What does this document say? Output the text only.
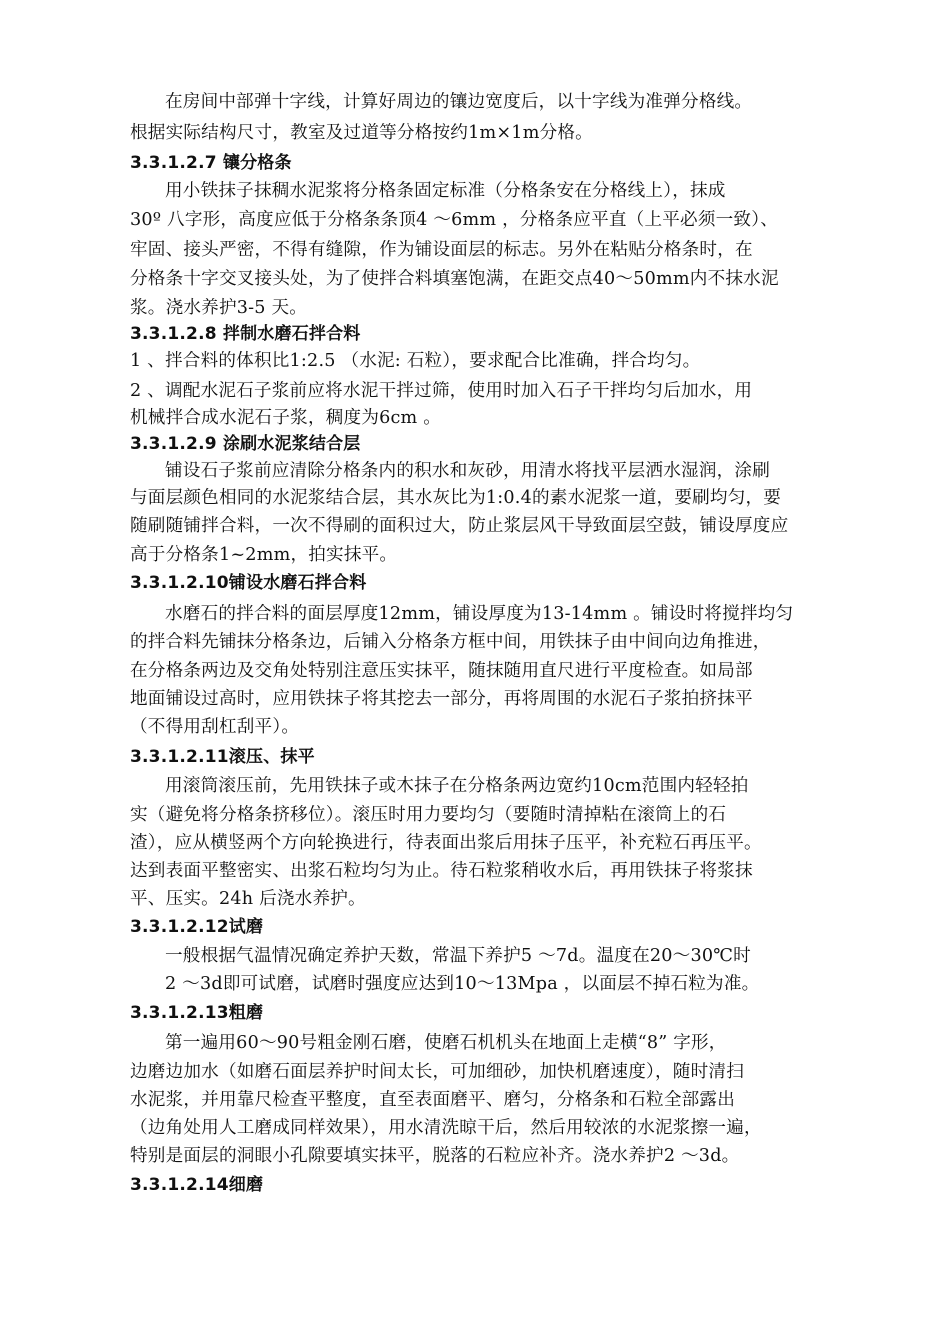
在房间中部弹十字线，计算好周边的镶边宽度后，以十字线为准弹分格线。
根据实际结构尺寸，教室及过道等分格按约1m×1m分格。
3.3.1.2.7 镶分格条
用小铁抹子抹稠水泥浆将分格条固定标准（分格条安在分格线上），抹成
30º 八字形，高度应低于分格条条顶4 ～6mm ，分格条应平直（上平必须一致）、
牢固、接头严密，不得有缝隙，作为铺设面层的标志。另外在粘贴分格条时，在
分格条十字交叉接头处，为了使拌合料填塞饱满，在距交点40～50mm内不抹水泥
浆。浇水养护3-5 天。
3.3.1.2.8 拌制水磨石拌合料
1 、拌合料的体积比1:2.5 （水泥: 石粒），要求配合比准确，拌合均匀。
2 、调配水泥石子浆前应将水泥干拌过筛，使用时加入石子干拌均匀后加水，用
机械拌合成水泥石子浆，稠度为6cm 。
3.3.1.2.9 涂刷水泥浆结合层
铺设石子浆前应清除分格条内的积水和灰砂，用清水将找平层洒水湿润，涂刷
与面层颜色相同的水泥浆结合层，其水灰比为1:0.4的素水泥浆一道，要刷均匀，要
随刷随铺拌合料，一次不得刷的面积过大，防止浆层风干导致面层空鼓，铺设厚度应
高于分格条1~2mm，拍实抹平。
3.3.1.2.10铺设水磨石拌合料
水磨石的拌合料的面层厚度12mm，铺设厚度为13-14mm 。铺设时将搅拌均匀
的拌合料先铺抹分格条边，后铺入分格条方框中间，用铁抹子由中间向边角推进，
在分格条两边及交角处特别注意压实抹平，随抹随用直尺进行平度检查。如局部
地面铺设过高时，应用铁抹子将其挖去一部分，再将周围的水泥石子浆拍挤抹平
（不得用刮杠刮平）。
3.3.1.2.11滚压、抹平
用滚筒滚压前，先用铁抹子或木抹子在分格条两边宽约10cm范围内轻轻拍
实（避免将分格条挤移位）。滚压时用力要均匀（要随时清掉粘在滚筒上的石
渣），应从横竖两个方向轮换进行，待表面出浆后用抹子压平，补充粒石再压平。
达到表面平整密实、出浆石粒均匀为止。待石粒浆稍收水后，再用铁抹子将浆抹
平、压实。24h 后浇水养护。
3.3.1.2.12试磨
一般根据气温情况确定养护天数，常温下养护5 ～7d。温度在20～30℃时
2 ～3d即可试磨，试磨时强度应达到10～13Mpa ，以面层不掉石粒为准。
3.3.1.2.13粗磨
第一遍用60～90号粗金刚石磨，使磨石机机头在地面上走横“8” 字形，
边磨边加水（如磨石面层养护时间太长，可加细砂，加快机磨速度），随时清扫
水泥浆，并用靠尺检查平整度，直至表面磨平、磨匀，分格条和石粒全部露出
（边角处用人工磨成同样效果），用水清洗晾干后，然后用较浓的水泥浆擦一遍，
特别是面层的洞眼小孔隙要填实抹平，脱落的石粒应补齐。浇水养护2 ～3d。
3.3.1.2.14细磨
